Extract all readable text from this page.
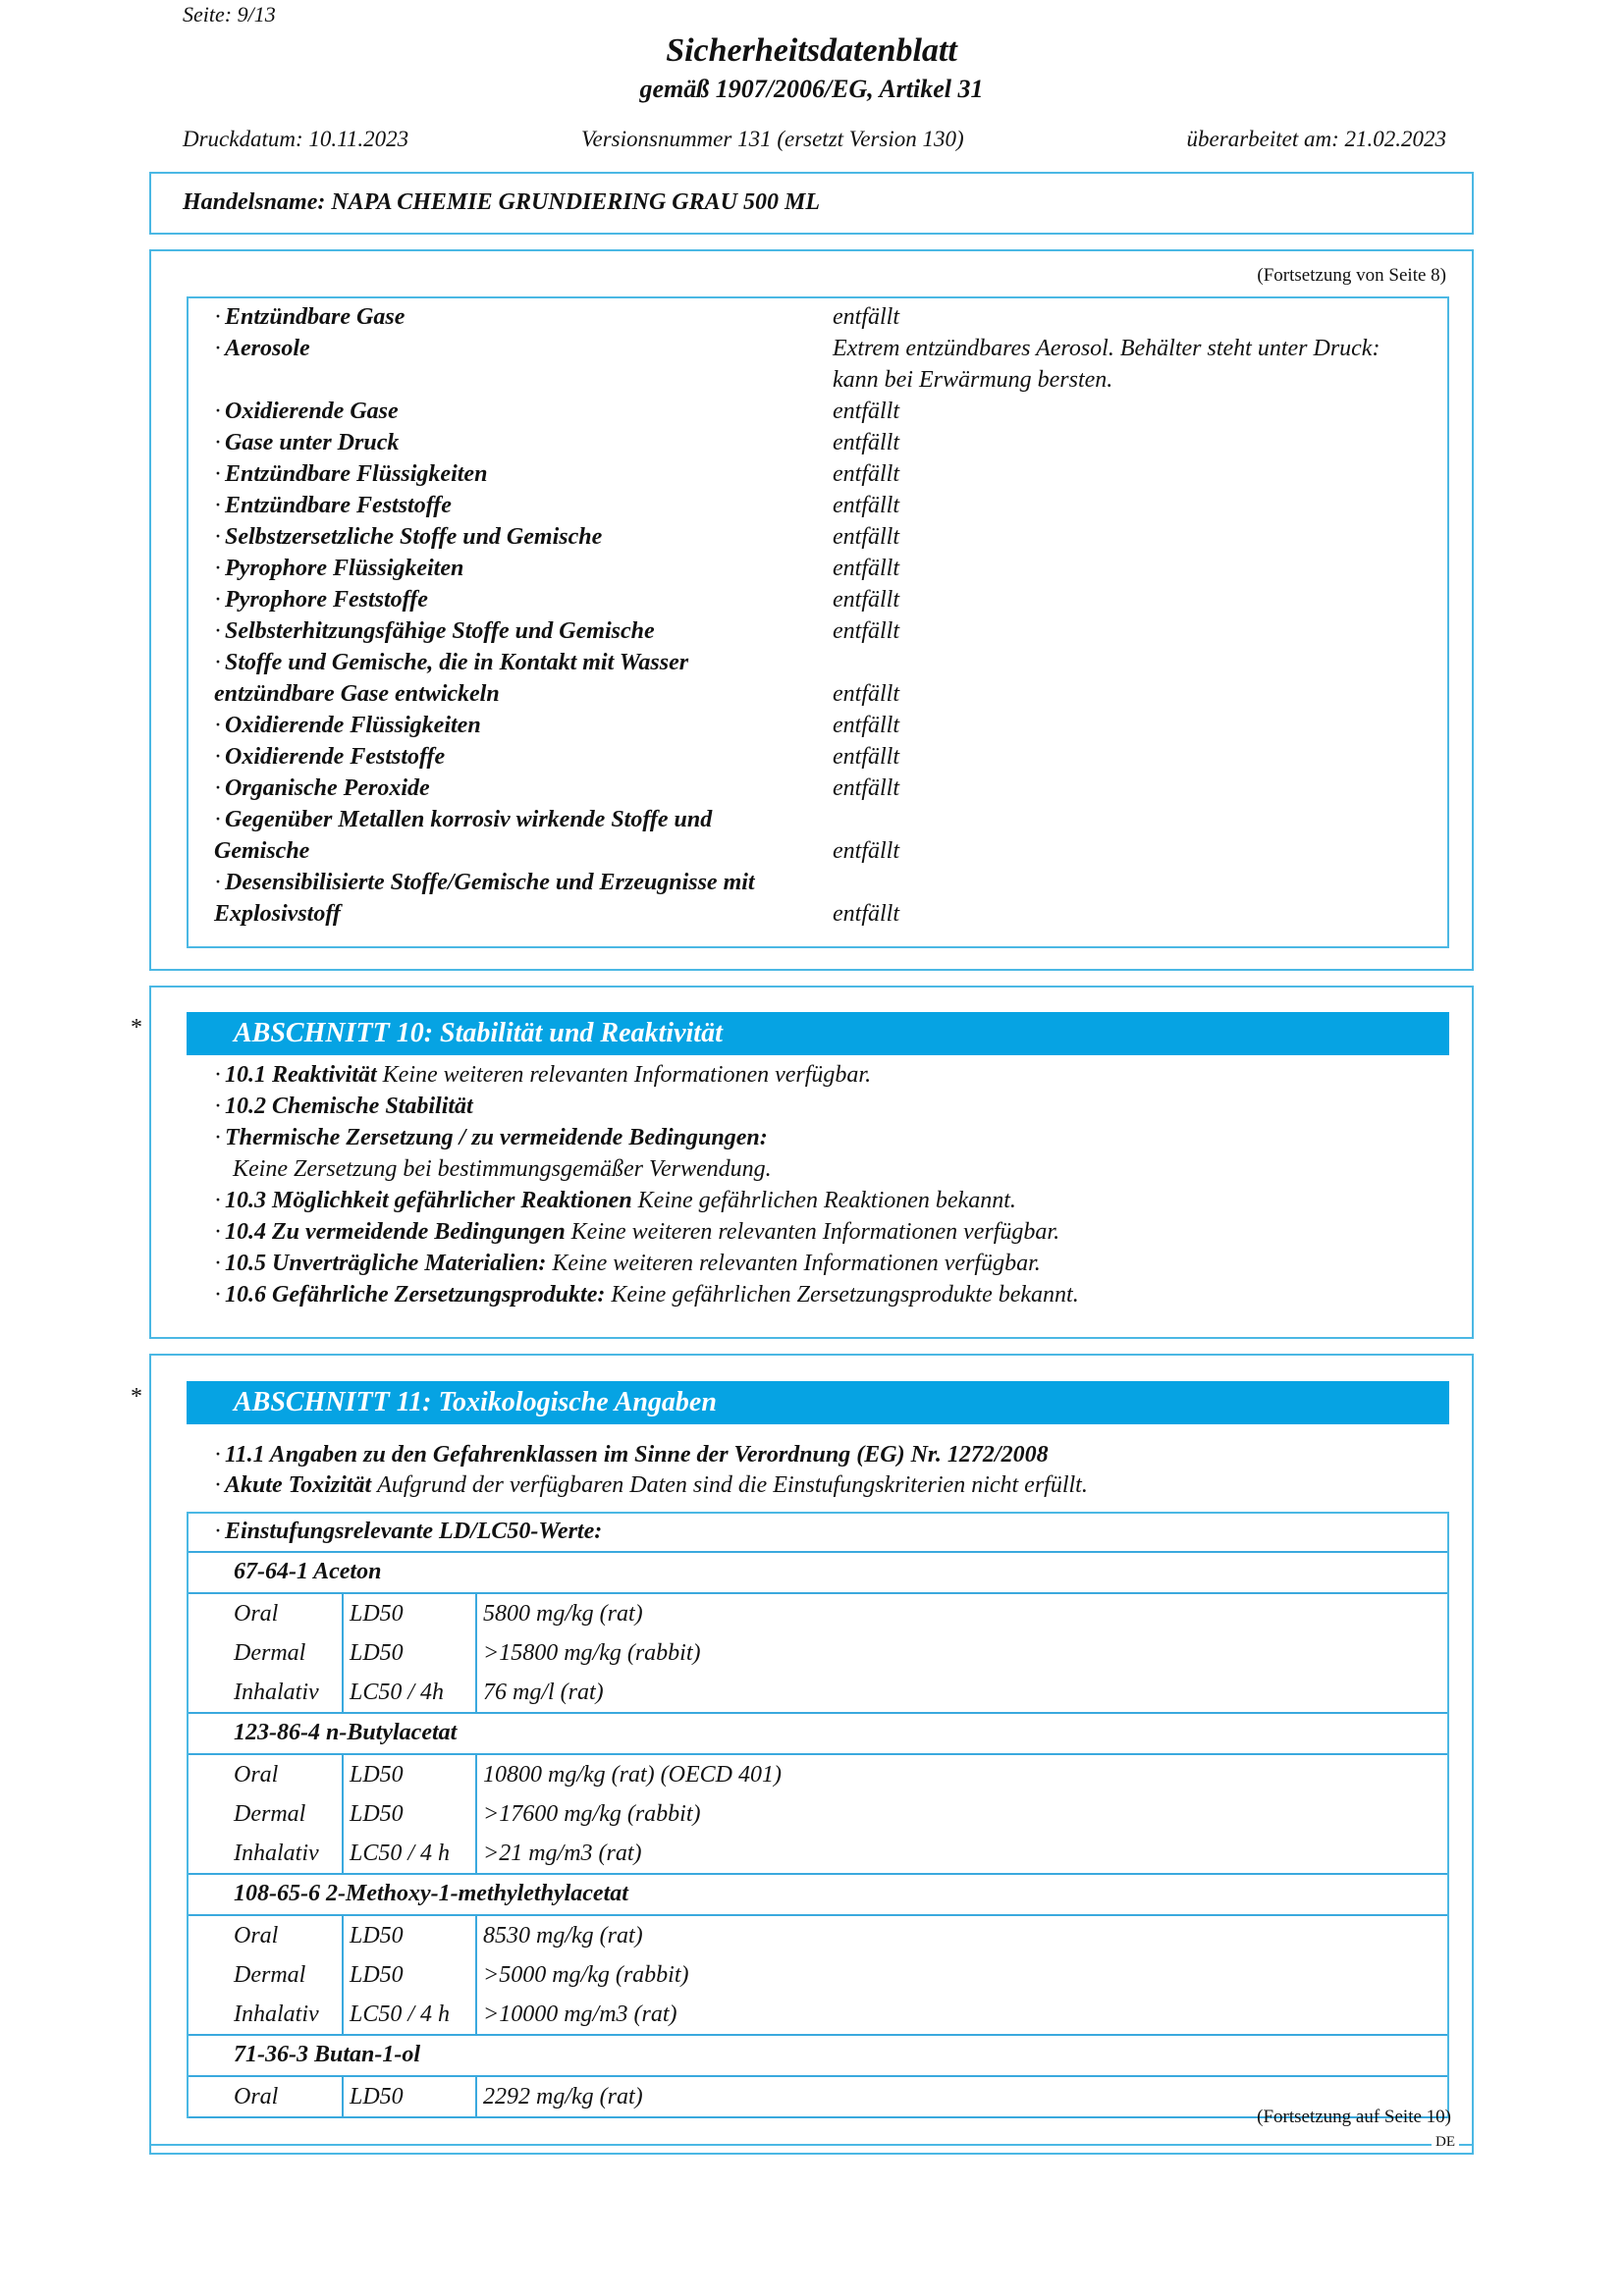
Seite: 9/13
Sicherheitsdatenblatt
gemäß 1907/2006/EG, Artikel 31
Druckdatum: 10.11.2023	Versionsnummer 131 (ersetzt Version 130)	überarbeitet am: 21.02.2023
Handelsname: NAPA CHEMIE GRUNDIERING GRAU 500 ML
(Fortsetzung von Seite 8)
· Entzündbare Gase	entfällt
· Aerosole	Extrem entzündbares Aerosol. Behälter steht unter Druck: kann bei Erwärmung bersten.
· Oxidierende Gase	entfällt
· Gase unter Druck	entfällt
· Entzündbare Flüssigkeiten	entfällt
· Entzündbare Feststoffe	entfällt
· Selbstzersetzliche Stoffe und Gemische	entfällt
· Pyrophore Flüssigkeiten	entfällt
· Pyrophore Feststoffe	entfällt
· Selbsterhitzungsfähige Stoffe und Gemische	entfällt
· Stoffe und Gemische, die in Kontakt mit Wasser entzündbare Gase entwickeln	entfällt
· Oxidierende Flüssigkeiten	entfällt
· Oxidierende Feststoffe	entfällt
· Organische Peroxide	entfällt
· Gegenüber Metallen korrosiv wirkende Stoffe und Gemische	entfällt
· Desensibilisierte Stoffe/Gemische und Erzeugnisse mit Explosivstoff	entfällt
*	ABSCHNITT 10: Stabilität und Reaktivität
· 10.1 Reaktivität Keine weiteren relevanten Informationen verfügbar.
· 10.2 Chemische Stabilität
· Thermische Zersetzung / zu vermeidende Bedingungen:
Keine Zersetzung bei bestimmungsgemäßer Verwendung.
· 10.3 Möglichkeit gefährlicher Reaktionen Keine gefährlichen Reaktionen bekannt.
· 10.4 Zu vermeidende Bedingungen Keine weiteren relevanten Informationen verfügbar.
· 10.5 Unverträgliche Materialien: Keine weiteren relevanten Informationen verfügbar.
· 10.6 Gefährliche Zersetzungsprodukte: Keine gefährlichen Zersetzungsprodukte bekannt.
*	ABSCHNITT 11: Toxikologische Angaben
· 11.1 Angaben zu den Gefahrenklassen im Sinne der Verordnung (EG) Nr. 1272/2008
· Akute Toxizität Aufgrund der verfügbaren Daten sind die Einstufungskriterien nicht erfüllt.
· Einstufungsrelevante LD/LC50-Werte:
67-64-1 Aceton
Oral	LD50	5800 mg/kg (rat)
Dermal	LD50	>15800 mg/kg (rabbit)
Inhalativ	LC50 / 4h	76 mg/l (rat)
123-86-4 n-Butylacetat
Oral	LD50	10800 mg/kg (rat) (OECD 401)
Dermal	LD50	>17600 mg/kg (rabbit)
Inhalativ	LC50 / 4 h	>21 mg/m3 (rat)
108-65-6 2-Methoxy-1-methylethylacetat
Oral	LD50	8530 mg/kg (rat)
Dermal	LD50	>5000 mg/kg (rabbit)
Inhalativ	LC50 / 4 h	>10000 mg/m3 (rat)
71-36-3 Butan-1-ol
Oral	LD50	2292 mg/kg (rat)
(Fortsetzung auf Seite 10)
DE
